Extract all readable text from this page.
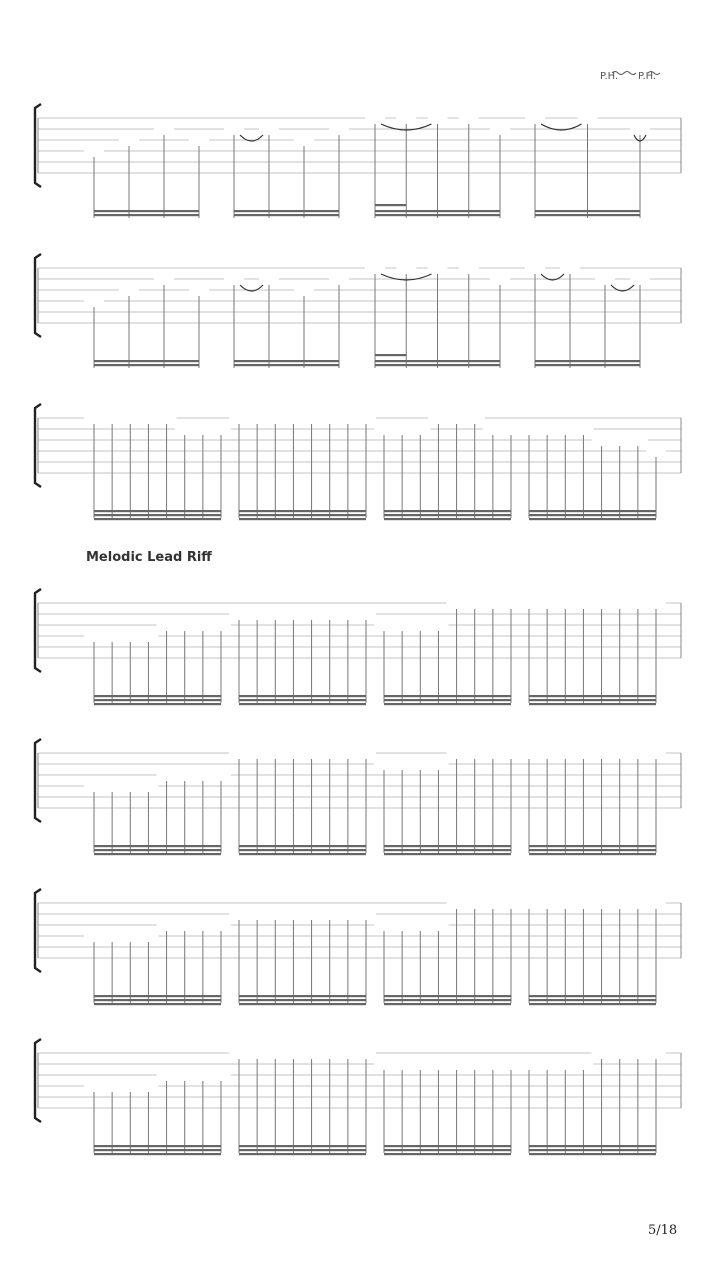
P.H. P.H.
Melodic Lead Riff
5/18
